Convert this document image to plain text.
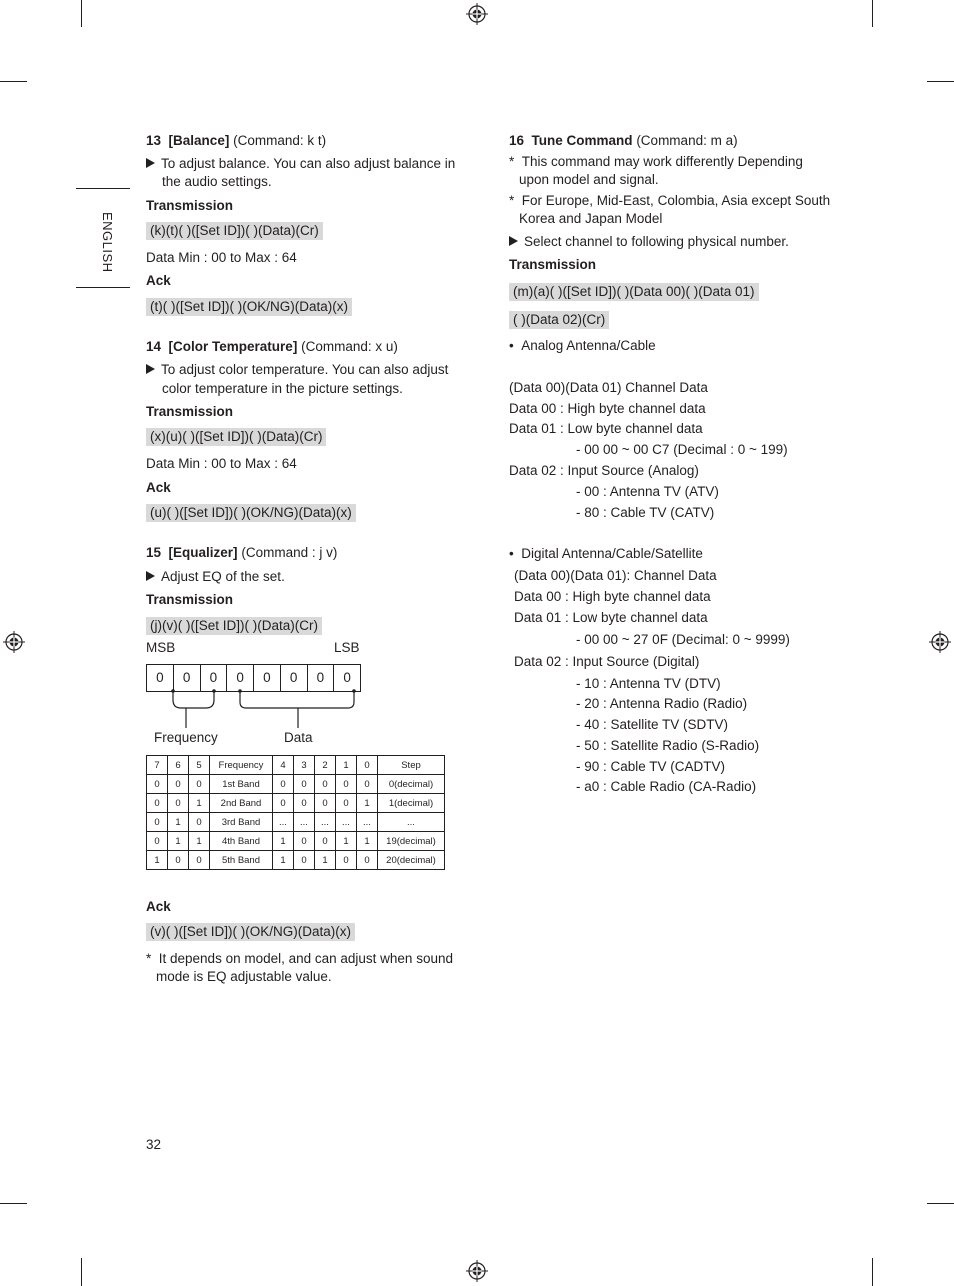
ENGLISH
13 [Balance] (Command: k t)
To adjust balance. You can also adjust balance in
the audio settings.
Transmission
(k)(t)( )([Set ID])( )(Data)(Cr)
Data Min : 00 to Max : 64
Ack
(t)( )([Set ID])( )(OK/NG)(Data)(x)
14 [Color Temperature] (Command: x u)
To adjust color temperature. You can also adjust
color temperature in the picture settings.
Transmission
(x)(u)( )([Set ID])( )(Data)(Cr)
Data Min : 00 to Max : 64
Ack
(u)( )([Set ID])( )(OK/NG)(Data)(x)
15 [Equalizer] (Command : j v)
Adjust EQ of the set.
Transmission
(j)(v)( )([Set ID])( )(Data)(Cr)
MSB	LSB
0	0	0	0	0	0	0	0
Frequency	Data
7	6	5	Frequency	4	3	2	1	0	Step
0	0	0	1st Band	0	0	0	0	0	0(decimal)
0	0	1	2nd Band	0	0	0	0	1	1(decimal)
0	1	0	3rd Band	...	...	...	...	...	...
0	1	1	4th Band	1	0	0	1	1	19(decimal)
1	0	0	5th Band	1	0	1	0	0	20(decimal)
Ack
(v)( )([Set ID])( )(OK/NG)(Data)(x)
*  It depends on model, and can adjust when sound
mode is EQ adjustable value.
16 Tune Command (Command: m a)
*  This command may work differently Depending
upon model and signal.
*  For Europe, Mid-East, Colombia, Asia except South
Korea and Japan Model
Select channel to following physical number.
Transmission
(m)(a)( )([Set ID])( )(Data 00)( )(Data 01)
( )(Data 02)(Cr)
•  Analog Antenna/Cable
(Data 00)(Data 01) Channel Data
Data 00 : High byte channel data
Data 01 : Low byte channel data
- 00 00 ~ 00 C7 (Decimal : 0 ~ 199)
Data 02 : Input Source (Analog)
- 00 : Antenna TV (ATV)
- 80 : Cable TV (CATV)
•  Digital Antenna/Cable/Satellite
(Data 00)(Data 01): Channel Data
Data 00 : High byte channel data
Data 01 : Low byte channel data
- 00 00 ~ 27 0F (Decimal: 0 ~ 9999)
Data 02 : Input Source (Digital)
- 10 : Antenna TV (DTV)
- 20 : Antenna Radio (Radio)
- 40 : Satellite TV (SDTV)
- 50 : Satellite Radio (S-Radio)
- 90 : Cable TV (CADTV)
- a0 : Cable Radio (CA-Radio)
32
